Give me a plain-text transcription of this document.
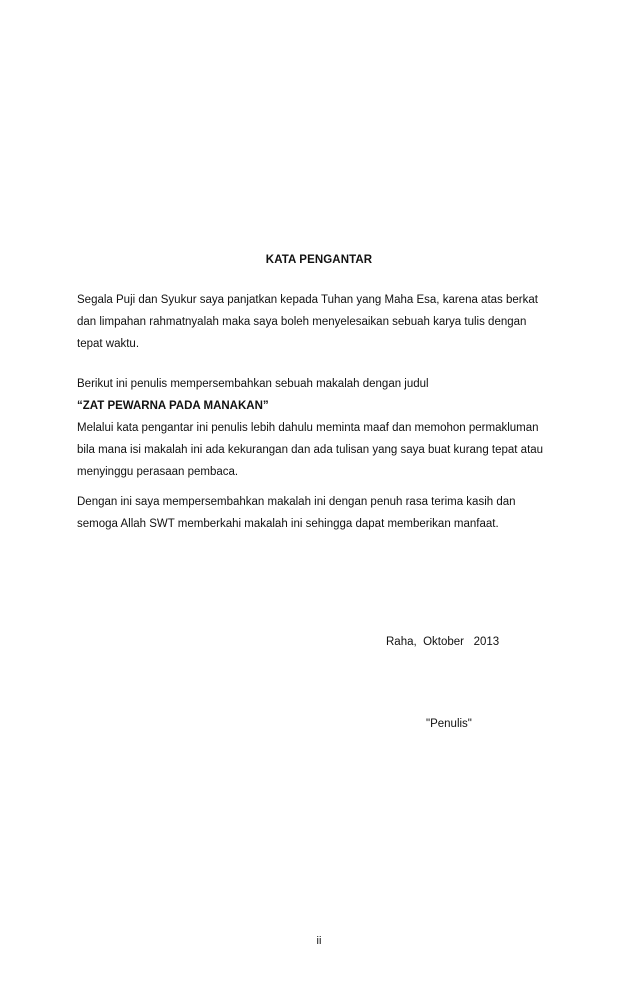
KATA PENGANTAR
Segala Puji dan Syukur saya panjatkan kepada Tuhan yang Maha Esa, karena atas berkat
dan limpahan rahmatnyalah maka saya boleh menyelesaikan sebuah karya tulis dengan
tepat waktu.
Berikut ini penulis mempersembahkan sebuah makalah dengan judul
“ZAT PEWARNA PADA MANAKAN”
Melalui kata pengantar ini penulis lebih dahulu meminta maaf dan memohon permakluman
bila mana isi makalah ini ada kekurangan dan ada tulisan yang saya buat kurang tepat atau
menyinggu perasaan pembaca.
Dengan ini saya mempersembahkan makalah ini dengan penuh rasa terima kasih dan
semoga Allah SWT memberkahi makalah ini sehingga dapat memberikan manfaat.
Raha,  Oktober   2013
"Penulis"
ii
